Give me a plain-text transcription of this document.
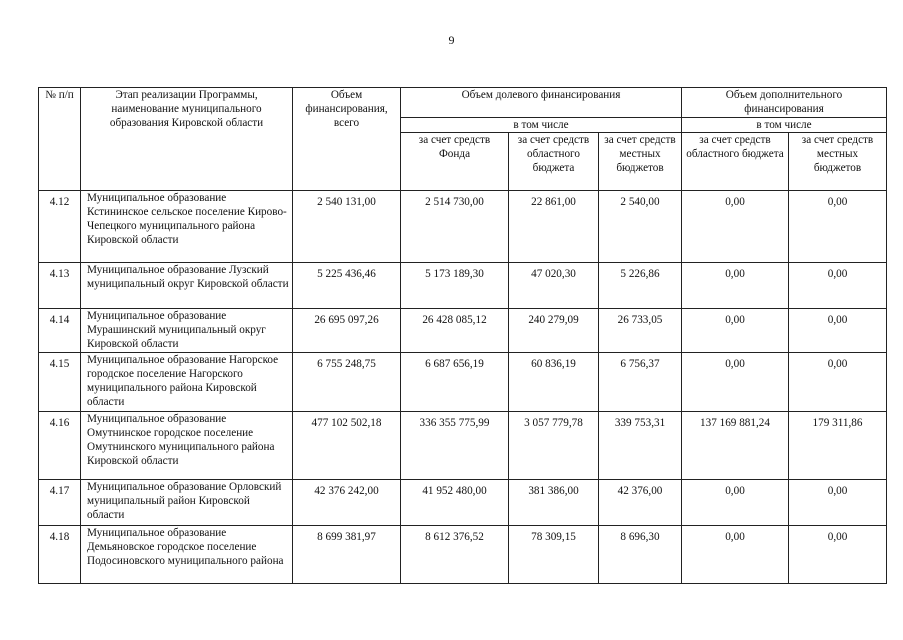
9
№ п/п	Этап реализации Программы, наименование муниципального образования Кировской области	Объем финансирования, всего	Объем долевого финансирования			Объем дополнительного финансирования	
			в том числе			в том числе	
			за счет средств Фонда	за счет средств областного бюджета	за счет средств местных бюджетов	за счет средств областного бюджета	за счет средств местных бюджетов
4.12	Муниципальное образование Кстининское сельское поселение Кирово-Чепецкого муниципального района Кировской области	2 540 131,00	2 514 730,00	22 861,00	2 540,00	0,00	0,00
4.13	Муниципальное образование Лузский муниципальный округ Кировской области	5 225 436,46	5 173 189,30	47 020,30	5 226,86	0,00	0,00
4.14	Муниципальное образование Мурашинский муниципальный округ Кировской области	26 695 097,26	26 428 085,12	240 279,09	26 733,05	0,00	0,00
4.15	Муниципальное образование Нагорское городское поселение Нагорского муниципального района Кировской области	6 755 248,75	6 687 656,19	60 836,19	6 756,37	0,00	0,00
4.16	Муниципальное образование Омутнинское городское поселение Омутнинского муниципального района Кировской области	477 102 502,18	336 355 775,99	3 057 779,78	339 753,31	137 169 881,24	179 311,86
4.17	Муниципальное образование Орловский муниципальный район Кировской области	42 376 242,00	41 952 480,00	381 386,00	42 376,00	0,00	0,00
4.18	Муниципальное образование Демьяновское городское поселение Подосиновского муниципального района	8 699 381,97	8 612 376,52	78 309,15	8 696,30	0,00	0,00
